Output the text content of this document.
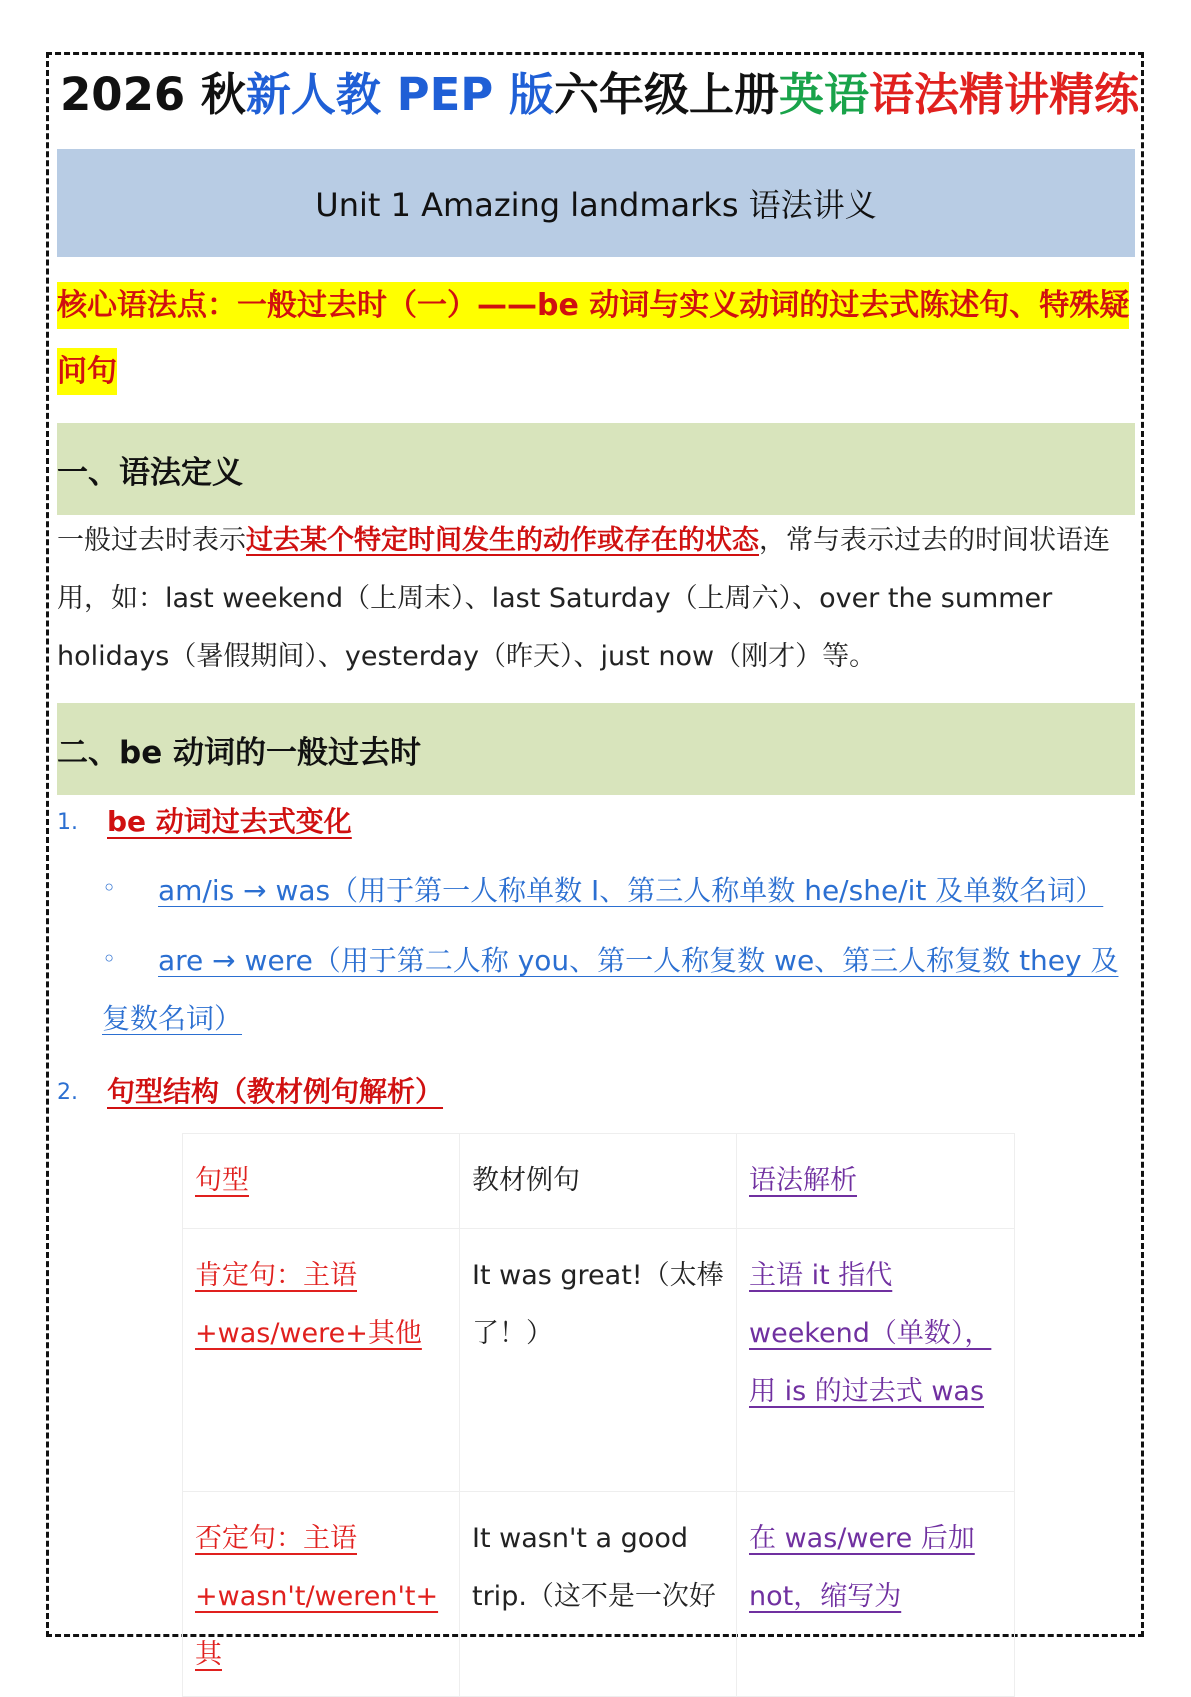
2026 秋新人教 PEP 版六年级上册英语语法精讲精练
Unit 1 Amazing landmarks 语法讲义
核心语法点：一般过去时（一）——be 动词与实义动词的过去式陈述句、特殊疑问句
一、语法定义
一般过去时表示过去某个特定时间发生的动作或存在的状态，常与表示过去的时间状语连用，如：last weekend（上周末）、last Saturday（上周六）、over the summer holidays（暑假期间）、yesterday（昨天）、just now（刚才）等。
二、be 动词的一般过去时
1. be 动词过去式变化
◦ am/is → was（用于第一人称单数 I、第三人称单数 he/she/it 及单数名词）
◦	are → were（用于第二人称 you、第一人称复数 we、第三人称复数 they 及复数名词）
2. 句型结构（教材例句解析）
句型	教材例句	语法解析
肯定句：主语+was/were+其他	It was great!（太棒了！）	主语 it 指代 weekend（单数），用 is 的过去式 was
否定句：主语+wasn't/weren't+其	It wasn't a good trip.（这不是一次好	在 was/were 后加 not，缩写为
